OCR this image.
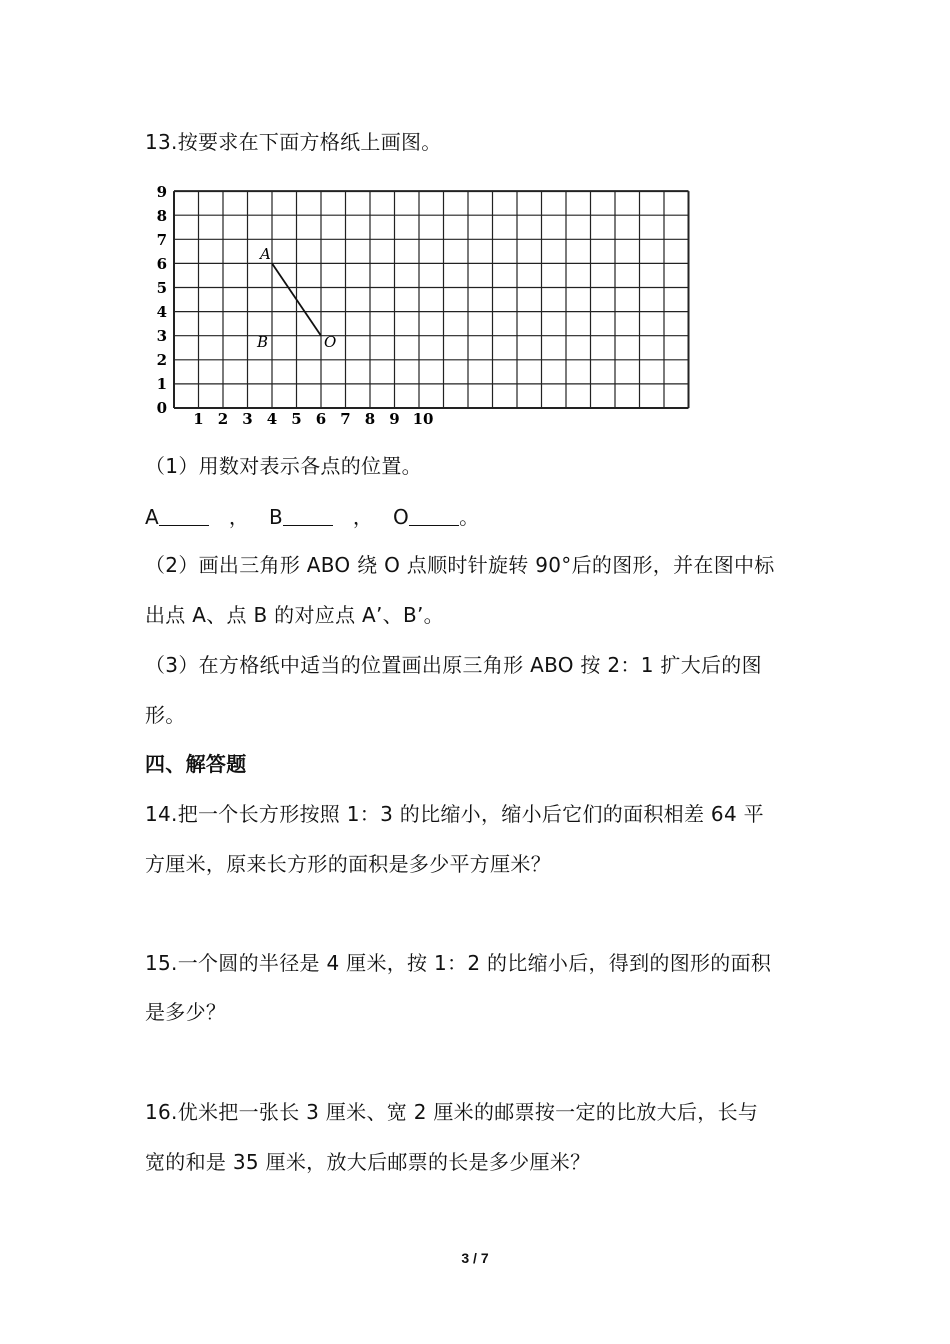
13.按要求在下面方格纸上画图。

0
1
2
3
4
5
6
7
8
9
1 2 3 4 5 6 7 8 9 10
A
B	O

（1）用数对表示各点的位置。

A	， B	， O	。

（2）画出三角形 ABO 绕 O 点顺时针旋转 90°后的图形，并在图中标

出点 A、点 B 的对应点 A’、B’。

（3）在方格纸中适当的位置画出原三角形 ABO 按 2：1 扩大后的图

形。

四、解答题

14.把一个长方形按照 1：3 的比缩小，缩小后它们的面积相差 64 平

方厘米，原来长方形的面积是多少平方厘米？

15.一个圆的半径是 4 厘米，按 1：2 的比缩小后，得到的图形的面积

是多少？

16.优米把一张长 3 厘米、宽 2 厘米的邮票按一定的比放大后，长与

宽的和是 35 厘米，放大后邮票的长是多少厘米？

3 / 7
